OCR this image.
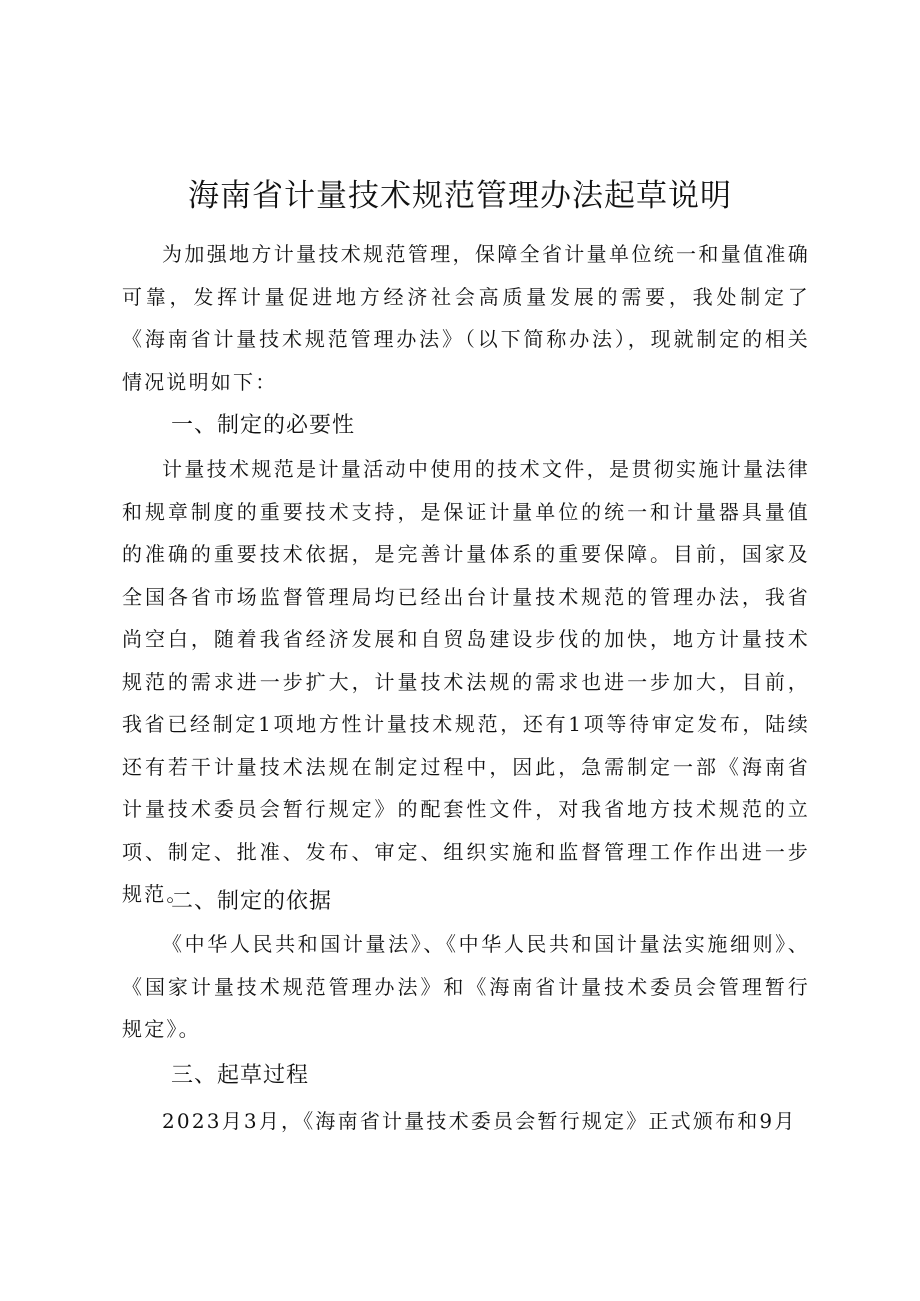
海南省计量技术规范管理办法起草说明

为加强地方计量技术规范管理，保障全省计量单位统一和量值准确可靠，发挥计量促进地方经济社会高质量发展的需要，我处制定了《海南省计量技术规范管理办法》（以下简称办法），现就制定的相关情况说明如下：

一、制定的必要性

计量技术规范是计量活动中使用的技术文件，是贯彻实施计量法律和规章制度的重要技术支持，是保证计量单位的统一和计量器具量值的准确的重要技术依据，是完善计量体系的重要保障。目前，国家及全国各省市场监督管理局均已经出台计量技术规范的管理办法，我省尚空白，随着我省经济发展和自贸岛建设步伐的加快，地方计量技术规范的需求进一步扩大，计量技术法规的需求也进一步加大，目前，我省已经制定1项地方性计量技术规范，还有1项等待审定发布，陆续还有若干计量技术法规在制定过程中，因此，急需制定一部《海南省计量技术委员会暂行规定》的配套性文件，对我省地方技术规范的立项、制定、批准、发布、审定、组织实施和监督管理工作作出进一步规范。

二、制定的依据

《中华人民共和国计量法》、《中华人民共和国计量法实施细则》、《国家计量技术规范管理办法》和《海南省计量技术委员会管理暂行规定》。

三、起草过程

2023月3月，《海南省计量技术委员会暂行规定》正式颁布和9月
